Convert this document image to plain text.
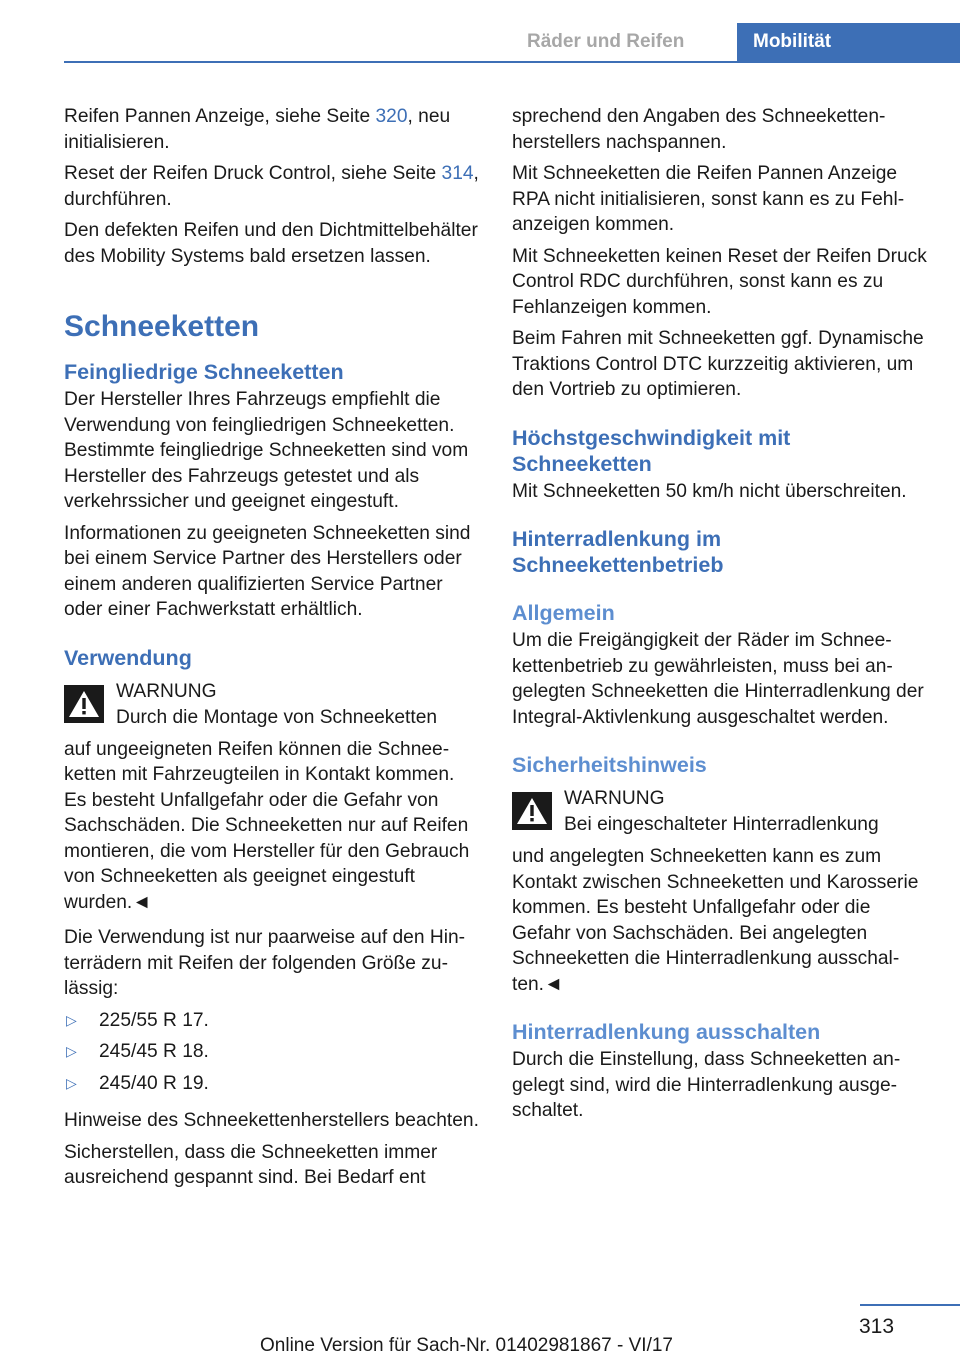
Räder und Reifen	Mobilität

Reifen Pannen Anzeige, siehe Seite 320, neu initialisieren.

Reset der Reifen Druck Control, siehe Seite 314, durchführen.

Den defekten Reifen und den Dichtmittelbehälter des Mobility Systems bald ersetzen lassen.

Schneeketten
Feingliedrige Schneeketten

Der Hersteller Ihres Fahrzeugs empfiehlt die Verwendung von feingliedrigen Schneeketten. Bestimmte feingliedrige Schneeketten sind vom Hersteller des Fahrzeugs getestet und als verkehrssicher und geeignet eingestuft.

Informationen zu geeigneten Schneeketten sind bei einem Service Partner des Herstellers oder einem anderen qualifizierten Service Partner oder einer Fachwerkstatt erhältlich.

Verwendung
WARNUNG
Durch die Montage von Schneeketten

auf ungeeigneten Reifen können die Schneeketten mit Fahrzeugteilen in Kontakt kommen. Es besteht Unfallgefahr oder die Gefahr von Sachschäden. Die Schneeketten nur auf Reifen montieren, die vom Hersteller für den Gebrauch von Schneeketten als geeignet eingestuft wurden.◄

Die Verwendung ist nur paarweise auf den Hinterrädern mit Reifen der folgenden Größe zulässig:

▷ 225/55 R 17.
▷ 245/45 R 18.
▷ 245/40 R 19.

Hinweise des Schneekettenherstellers beachten.

Sicherstellen, dass die Schneeketten immer ausreichend gespannt sind. Bei Bedarf ent

sprechend den Angaben des Schneekettenherstellers nachspannen.

Mit Schneeketten die Reifen Pannen Anzeige RPA nicht initialisieren, sonst kann es zu Fehlanzeigen kommen.

Mit Schneeketten keinen Reset der Reifen Druck Control RDC durchführen, sonst kann es zu Fehlanzeigen kommen.

Beim Fahren mit Schneeketten ggf. Dynamische Traktions Control DTC kurzzeitig aktivieren, um den Vortrieb zu optimieren.

Höchstgeschwindigkeit mit Schneeketten

Mit Schneeketten 50 km/h nicht überschreiten.

Hinterradlenkung im Schneekettenbetrieb
Allgemein

Um die Freigängigkeit der Räder im Schneekettenbetrieb zu gewährleisten, muss bei angelegten Schneeketten die Hinterradlenkung der Integral-Aktivlenkung ausgeschaltet werden.

Sicherheitshinweis
WARNUNG
Bei eingeschalteter Hinterradlenkung

und angelegten Schneeketten kann es zum Kontakt zwischen Schneeketten und Karosserie kommen. Es besteht Unfallgefahr oder die Gefahr von Sachschäden. Bei angelegten Schneeketten die Hinterradlenkung ausschalten.◄

Hinterradlenkung ausschalten

Durch die Einstellung, dass Schneeketten angelegt sind, wird die Hinterradlenkung ausgeschaltet.

313
Online Version für Sach-Nr. 01402981867 - VI/17
